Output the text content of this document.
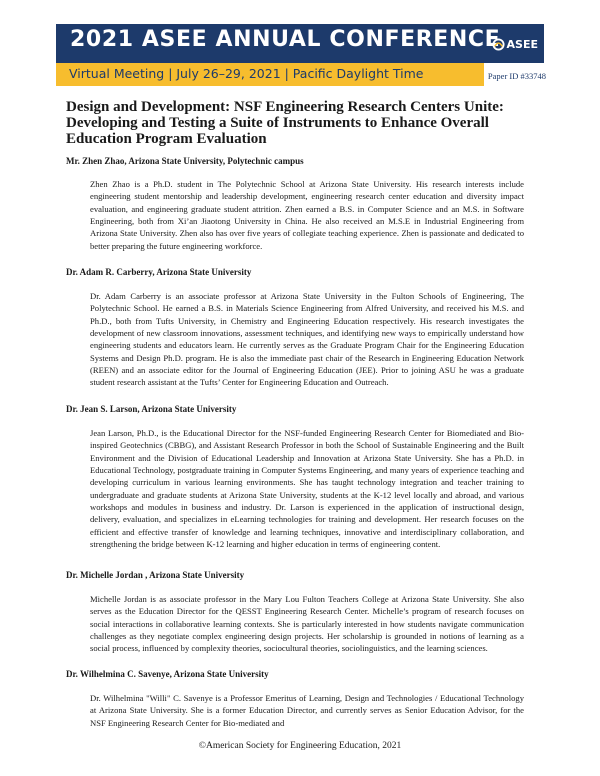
2021 ASEE ANNUAL CONFERENCE ASEE
Virtual Meeting | July 26–29, 2021 | Pacific Daylight Time	Paper ID #33748
Design and Development: NSF Engineering Research Centers Unite: Developing and Testing a Suite of Instruments to Enhance Overall Education Program Evaluation

Mr. Zhen Zhao, Arizona State University, Polytechnic campus

Zhen Zhao is a Ph.D. student in The Polytechnic School at Arizona State University. His research interests include engineering student mentorship and leadership development, engineering research center education and diversity impact evaluation, and engineering graduate student attrition. Zhen earned a B.S. in Computer Science and an M.S. in Software Engineering, both from Xi’an Jiaotong University in China. He also received an M.S.E in Industrial Engineering from Arizona State University. Zhen also has over five years of collegiate teaching experience. Zhen is passionate and dedicated to better preparing the future engineering workforce.

Dr. Adam R. Carberry, Arizona State University

Dr. Adam Carberry is an associate professor at Arizona State University in the Fulton Schools of Engineering, The Polytechnic School. He earned a B.S. in Materials Science Engineering from Alfred University, and received his M.S. and Ph.D., both from Tufts University, in Chemistry and Engineering Education respectively. His research investigates the development of new classroom innovations, assessment techniques, and identifying new ways to empirically understand how engineering students and educators learn. He currently serves as the Graduate Program Chair for the Engineering Education Systems and Design Ph.D. program. He is also the immediate past chair of the Research in Engineering Education Network (REEN) and an associate editor for the Journal of Engineering Education (JEE). Prior to joining ASU he was a graduate student research assistant at the Tufts’ Center for Engineering Education and Outreach.

Dr. Jean S. Larson, Arizona State University

Jean Larson, Ph.D., is the Educational Director for the NSF-funded Engineering Research Center for Biomediated and Bio-inspired Geotechnics (CBBG), and Assistant Research Professor in both the School of Sustainable Engineering and the Built Environment and the Division of Educational Leadership and Innovation at Arizona State University. She has a Ph.D. in Educational Technology, postgraduate training in Computer Systems Engineering, and many years of experience teaching and developing curriculum in various learning environments. She has taught technology integration and teacher training to undergraduate and graduate students at Arizona State University, students at the K-12 level locally and abroad, and various workshops and modules in business and industry. Dr. Larson is experienced in the application of instructional design, delivery, evaluation, and specializes in eLearning technologies for training and development. Her research focuses on the efficient and effective transfer of knowledge and learning techniques, innovative and interdisciplinary collaboration, and strengthening the bridge between K-12 learning and higher education in terms of engineering content.

Dr. Michelle Jordan , Arizona State University

Michelle Jordan is as associate professor in the Mary Lou Fulton Teachers College at Arizona State University. She also serves as the Education Director for the QESST Engineering Research Center. Michelle’s program of research focuses on social interactions in collaborative learning contexts. She is particularly interested in how students navigate communication challenges as they negotiate complex engineering design projects. Her scholarship is grounded in notions of learning as a social process, influenced by complexity theories, sociocultural theories, sociolinguistics, and the learning sciences.

Dr. Wilhelmina C. Savenye, Arizona State University

Dr. Wilhelmina "Willi" C. Savenye is a Professor Emeritus of Learning, Design and Technologies / Educational Technology at Arizona State University. She is a former Education Director, and currently serves as Senior Education Advisor, for the NSF Engineering Research Center for Bio-mediated and

©American Society for Engineering Education, 2021
